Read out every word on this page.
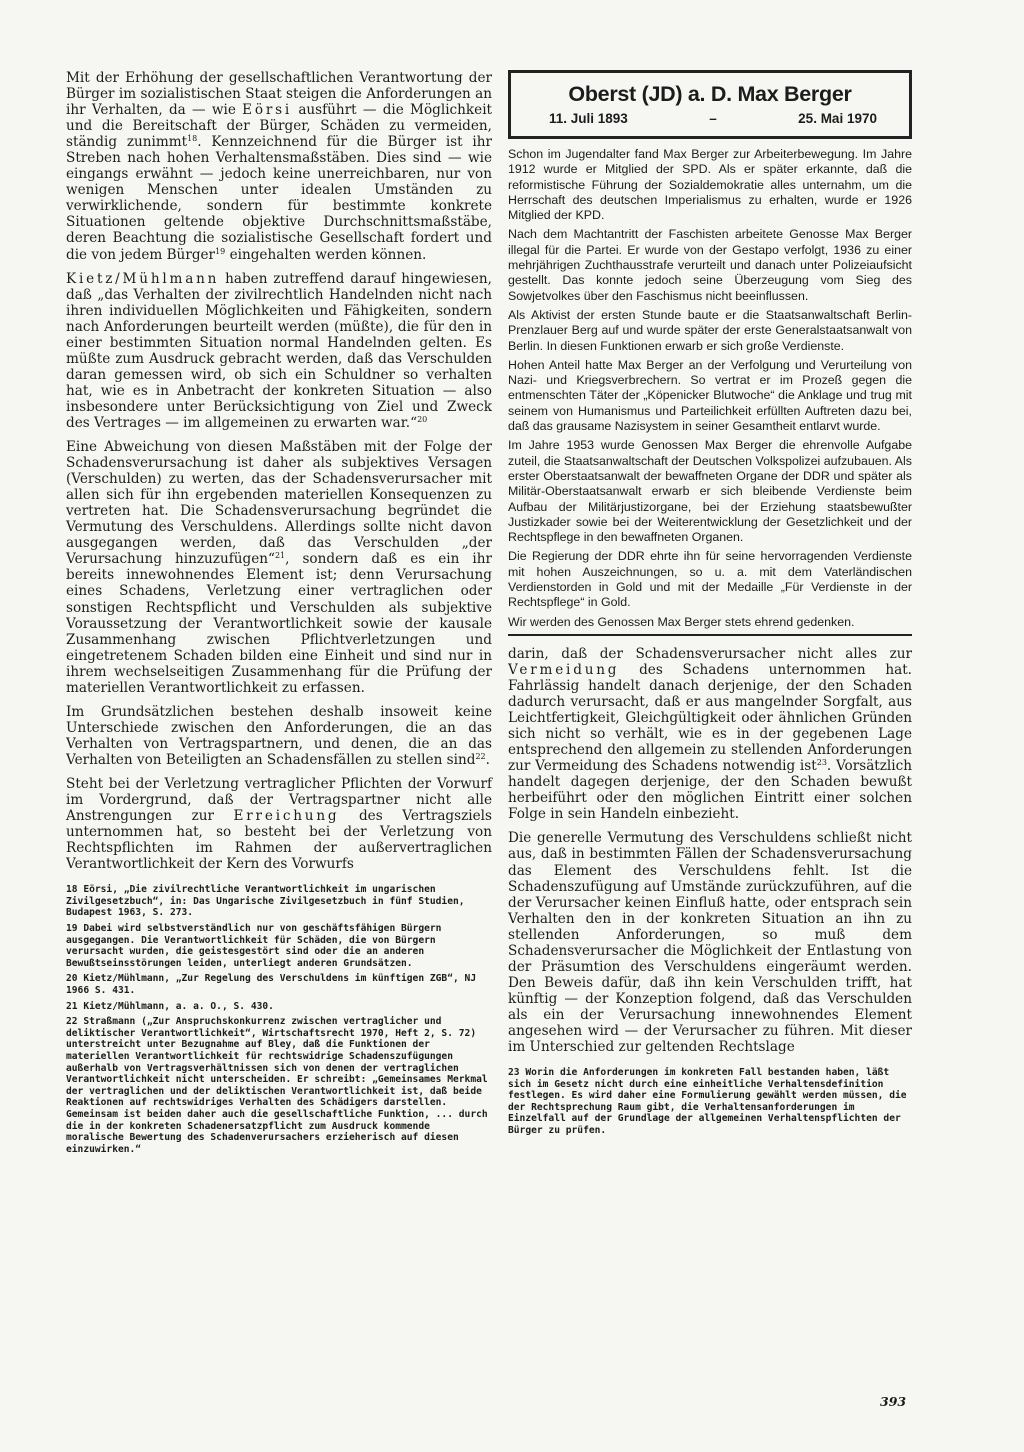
Mit der Erhöhung der gesellschaftlichen Verantwortung der Bürger im sozialistischen Staat steigen die Anforderungen an ihr Verhalten, da — wie Eörsi ausführt — die Möglichkeit und die Bereitschaft der Bürger, Schäden zu vermeiden, ständig zunimmt$^{18}$. Kennzeichnend für die Bürger ist ihr Streben nach hohen Verhaltensmaßstäben. Dies sind — wie eingangs erwähnt — jedoch keine unerreichbaren, nur von wenigen Menschen unter idealen Umständen zu verwirklichende, sondern für bestimmte konkrete Situationen geltende objektive Durchschnittsmaßstäbe, deren Beachtung die sozialistische Gesellschaft fordert und die von jedem Bürger$^{19}$ eingehalten werden können.

Kietz/Mühlmann haben zutreffend darauf hingewiesen, daß „das Verhalten der zivilrechtlich Handelnden nicht nach ihren individuellen Möglichkeiten und Fähigkeiten, sondern nach Anforderungen beurteilt werden (müßte), die für den in einer bestimmten Situation normal Handelnden gelten. Es müßte zum Ausdruck gebracht werden, daß das Verschulden daran gemessen wird, ob sich ein Schuldner so verhalten hat, wie es in Anbetracht der konkreten Situation — also insbesondere unter Berücksichtigung von Ziel und Zweck des Vertrages — im allgemeinen zu erwarten war.“$^{20}$

Eine Abweichung von diesen Maßstäben mit der Folge der Schadensverursachung ist daher als subjektives Versagen (Verschulden) zu werten, das der Schadensverursacher mit allen sich für ihn ergebenden materiellen Konsequenzen zu vertreten hat. Die Schadensverursachung begründet die Vermutung des Verschuldens. Allerdings sollte nicht davon ausgegangen werden, daß das Verschulden „der Verursachung hinzuzufügen“$^{21}$, sondern daß es ein ihr bereits innewohnendes Element ist; denn Verursachung eines Schadens, Verletzung einer vertraglichen oder sonstigen Rechtspflicht und Verschulden als subjektive Voraussetzung der Verantwortlichkeit sowie der kausale Zusammenhang zwischen Pflichtverletzungen und eingetretenem Schaden bilden eine Einheit und sind nur in ihrem wechselseitigen Zusammenhang für die Prüfung der materiellen Verantwortlichkeit zu erfassen.

Im Grundsätzlichen bestehen deshalb insoweit keine Unterschiede zwischen den Anforderungen, die an das Verhalten von Vertragspartnern, und denen, die an das Verhalten von Beteiligten an Schadensfällen zu stellen sind$^{22}$.

Steht bei der Verletzung vertraglicher Pflichten der Vorwurf im Vordergrund, daß der Vertragspartner nicht alle Anstrengungen zur Erreichung des Vertragsziels unternommen hat, so besteht bei der Verletzung von Rechtspflichten im Rahmen der außervertraglichen Verantwortlichkeit der Kern des Vorwurfs

18 Eörsi, „Die zivilrechtliche Verantwortlichkeit im ungarischen Zivilgesetzbuch“, in: Das Ungarische Zivilgesetzbuch in fünf Studien, Budapest 1963, S. 273.

19 Dabei wird selbstverständlich nur von geschäftsfähigen Bürgern ausgegangen. Die Verantwortlichkeit für Schäden, die von Bürgern verursacht wurden, die geistesgestört sind oder die an anderen Bewußtseinsstörungen leiden, unterliegt anderen Grundsätzen.

20 Kietz/Mühlmann, „Zur Regelung des Verschuldens im künftigen ZGB“, NJ 1966 S. 431.

21 Kietz/Mühlmann, a. a. O., S. 430.

22 Straßmann („Zur Anspruchskonkurrenz zwischen vertraglicher und deliktischer Verantwortlichkeit“, Wirtschaftsrecht 1970, Heft 2, S. 72) unterstreicht unter Bezugnahme auf Bley, daß die Funktionen der materiellen Verantwortlichkeit für rechtswidrige Schadenszufügungen außerhalb von Vertragsverhältnissen sich von denen der vertraglichen Verantwortlichkeit nicht unterscheiden. Er schreibt: „Gemeinsames Merkmal der vertraglichen und der deliktischen Verantwortlichkeit ist, daß beide Reaktionen auf rechtswidriges Verhalten des Schädigers darstellen. Gemeinsam ist beiden daher auch die gesellschaftliche Funktion, ... durch die in der konkreten Schadenersatzpflicht zum Ausdruck kommende moralische Bewertung des Schadenverursachers erzieherisch auf diesen einzuwirken.“

Oberst (JD) a. D. Max Berger
11. Juli 1893	–	25. Mai 1970

Schon im Jugendalter fand Max Berger zur Arbeiterbewegung. Im Jahre 1912 wurde er Mitglied der SPD. Als er später erkannte, daß die reformistische Führung der Sozialdemokratie alles unternahm, um die Herrschaft des deutschen Imperialismus zu erhalten, wurde er 1926 Mitglied der KPD.

Nach dem Machtantritt der Faschisten arbeitete Genosse Max Berger illegal für die Partei. Er wurde von der Gestapo verfolgt, 1936 zu einer mehrjährigen Zuchthausstrafe verurteilt und danach unter Polizeiaufsicht gestellt. Das konnte jedoch seine Überzeugung vom Sieg des Sowjetvolkes über den Faschismus nicht beeinflussen.

Als Aktivist der ersten Stunde baute er die Staatsanwaltschaft Berlin-Prenzlauer Berg auf und wurde später der erste Generalstaatsanwalt von Berlin. In diesen Funktionen erwarb er sich große Verdienste.

Hohen Anteil hatte Max Berger an der Verfolgung und Verurteilung von Nazi- und Kriegsverbrechern. So vertrat er im Prozeß gegen die entmenschten Täter der „Köpenicker Blutwoche“ die Anklage und trug mit seinem von Humanismus und Parteilichkeit erfüllten Auftreten dazu bei, daß das grausame Nazisystem in seiner Gesamtheit entlarvt wurde.

Im Jahre 1953 wurde Genossen Max Berger die ehrenvolle Aufgabe zuteil, die Staatsanwaltschaft der Deutschen Volkspolizei aufzubauen. Als erster Oberstaatsanwalt der bewaffneten Organe der DDR und später als Militär-Oberstaatsanwalt erwarb er sich bleibende Verdienste beim Aufbau der Militärjustizorgane, bei der Erziehung staatsbewußter Justizkader sowie bei der Weiterentwicklung der Gesetzlichkeit und der Rechtspflege in den bewaffneten Organen.

Die Regierung der DDR ehrte ihn für seine hervorragenden Verdienste mit hohen Auszeichnungen, so u. a. mit dem Vaterländischen Verdienstorden in Gold und mit der Medaille „Für Verdienste in der Rechtspflege“ in Gold.

Wir werden des Genossen Max Berger stets ehrend gedenken.

darin, daß der Schadensverursacher nicht alles zur Vermeidung des Schadens unternommen hat. Fahrlässig handelt danach derjenige, der den Schaden dadurch verursacht, daß er aus mangelnder Sorgfalt, aus Leichtfertigkeit, Gleichgültigkeit oder ähnlichen Gründen sich nicht so verhält, wie es in der gegebenen Lage entsprechend den allgemein zu stellenden Anforderungen zur Vermeidung des Schadens notwendig ist$^{23}$. Vorsätzlich handelt dagegen derjenige, der den Schaden bewußt herbeiführt oder den möglichen Eintritt einer solchen Folge in sein Handeln einbezieht.

Die generelle Vermutung des Verschuldens schließt nicht aus, daß in bestimmten Fällen der Schadensverursachung das Element des Verschuldens fehlt. Ist die Schadenszufügung auf Umstände zurückzuführen, auf die der Verursacher keinen Einfluß hatte, oder entsprach sein Verhalten den in der konkreten Situation an ihn zu stellenden Anforderungen, so muß dem Schadensverursacher die Möglichkeit der Entlastung von der Präsumtion des Verschuldens eingeräumt werden. Den Beweis dafür, daß ihn kein Verschulden trifft, hat künftig — der Konzeption folgend, daß das Verschulden als ein der Verursachung innewohnendes Element angesehen wird — der Verursacher zu führen. Mit dieser im Unterschied zur geltenden Rechtslage

23 Worin die Anforderungen im konkreten Fall bestanden haben, läßt sich im Gesetz nicht durch eine einheitliche Verhaltensdefinition festlegen. Es wird daher eine Formulierung gewählt werden müssen, die der Rechtsprechung Raum gibt, die Verhaltensanforderungen im Einzelfall auf der Grundlage der allgemeinen Verhaltenspflichten der Bürger zu prüfen.

393
